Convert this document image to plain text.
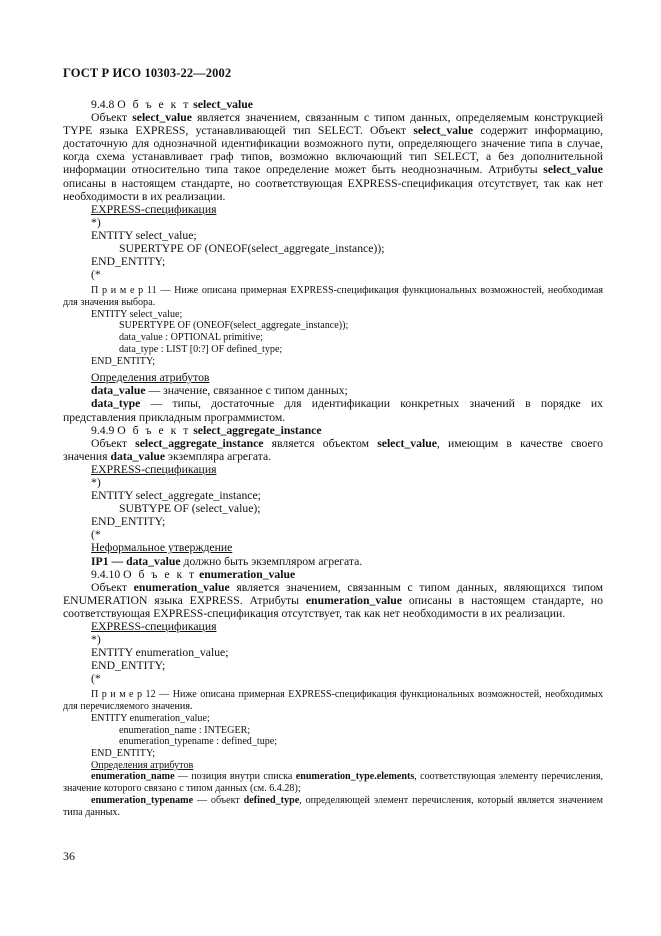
ГОСТ Р ИСО 10303-22—2002

9.4.8 О б ъ е к т select_value

Объект select_value является значением, связанным с типом данных, определяемым конструкцией TYPE языка EXPRESS, устанавливающей тип SELECT. Объект select_value содержит информацию, достаточную для однозначной идентификации возможного пути, определяющего значение типа в случае, когда схема устанавливает граф типов, возможно включающий тип SELECT, а без дополнительной информации относительно типа такое определение может быть неоднозначным. Атрибуты select_value описаны в настоящем стандарте, но соответствующая EXPRESS-спецификация отсутствует, так как нет необходимости в их реализации.

EXPRESS-спецификация

*)

ENTITY select_value;

SUPERTYPE OF (ONEOF(select_aggregate_instance));

END_ENTITY;

(*

П р и м е р 11 — Ниже описана примерная EXPRESS-спецификация функциональных возможностей, необходимая для значения выбора.

ENTITY select_value;

SUPERTYPE OF (ONEOF(select_aggregate_instance));

data_value : OPTIONAL primitive;

data_type : LIST [0:?] OF defined_type;

END_ENTITY;

Определения атрибутов

data_value — значение, связанное с типом данных;

data_type — типы, достаточные для идентификации конкретных значений в порядке их представления прикладным программистом.

9.4.9 О б ъ е к т select_aggregate_instance

Объект select_aggregate_instance является объектом select_value, имеющим в качестве своего значения data_value экземпляра агрегата.

EXPRESS-спецификация

*)

ENTITY select_aggregate_instance;

SUBTYPE OF (select_value);

END_ENTITY;

(*

Неформальное утверждение

IP1 — data_value должно быть экземпляром агрегата.

9.4.10 О б ъ е к т enumeration_value

Объект enumeration_value является значением, связанным с типом данных, являющихся типом ENUMERATION языка EXPRESS. Атрибуты enumeration_value описаны в настоящем стандарте, но соответствующая EXPRESS-спецификация отсутствует, так как нет необходимости в их реализации.

EXPRESS-спецификация

*)

ENTITY enumeration_value;

END_ENTITY;

(*

П р и м е р 12 — Ниже описана примерная EXPRESS-спецификация функциональных возможностей, необходимых для перечисляемого значения.

ENTITY enumeration_value;

enumeration_name : INTEGER;

enumeration_typename : defined_tupe;

END_ENTITY;

Определения атрибутов

enumeration_name — позиция внутри списка enumeration_type.elements, соответствующая элементу перечисления, значение которого связано с типом данных (см. 6.4.28);

enumeration_typename — объект defined_type, определяющей элемент перечисления, который является значением типа данных.

36
